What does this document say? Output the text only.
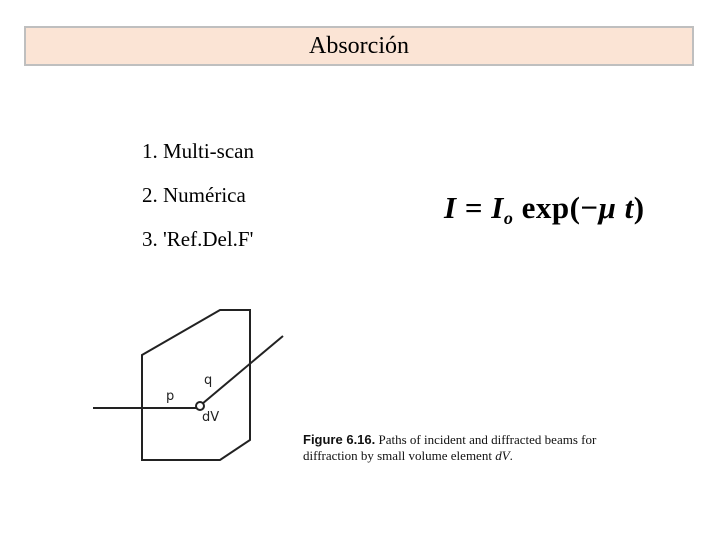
Absorción
1. Multi-scan
2. Numérica
3. 'Ref.Del.F'
$I = I_o$ exp(−μ t)
p
q
dV
Figure 6.16. Paths of incident and diffracted beams for diffraction by small volume element dV.
